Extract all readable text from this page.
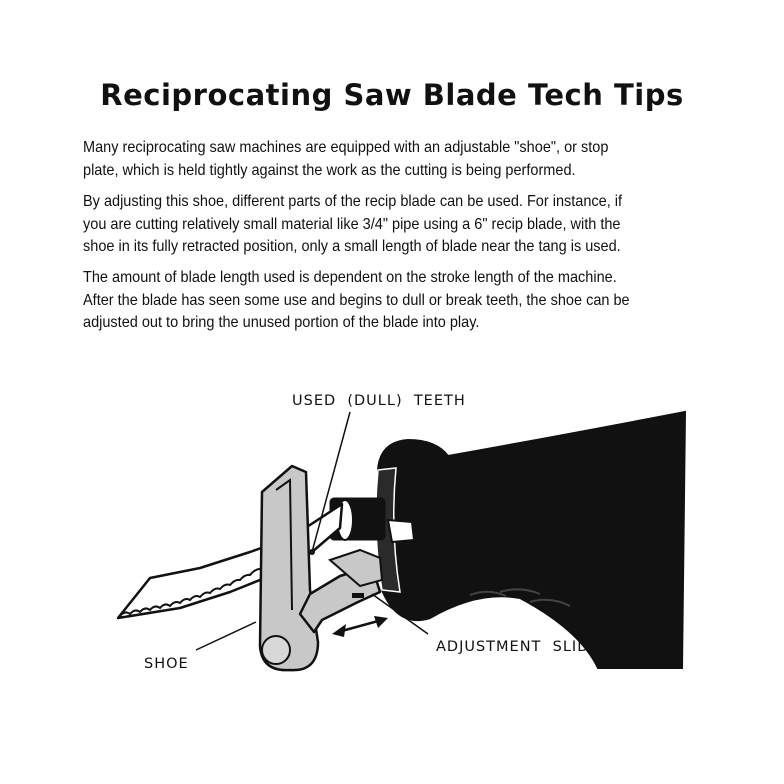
Reciprocating Saw Blade Tech Tips
Many reciprocating saw machines are equipped with an adjustable "shoe", or stop
plate, which is held tightly against the work as the cutting is being performed.
By adjusting this shoe, different parts of the recip blade can be used. For instance, if
you are cutting relatively small material like 3/4" pipe using a 6" recip blade, with the
shoe in its fully retracted position, only a small length of blade near the tang is used.
The amount of blade length used is dependent on the stroke length of the machine.
After the blade has seen some use and begins to dull or break teeth, the shoe can be
adjusted out to bring the unused portion of the blade into play.
USED  (DULL)  TEETH
SHOE
ADJUSTMENT  SLIDE
